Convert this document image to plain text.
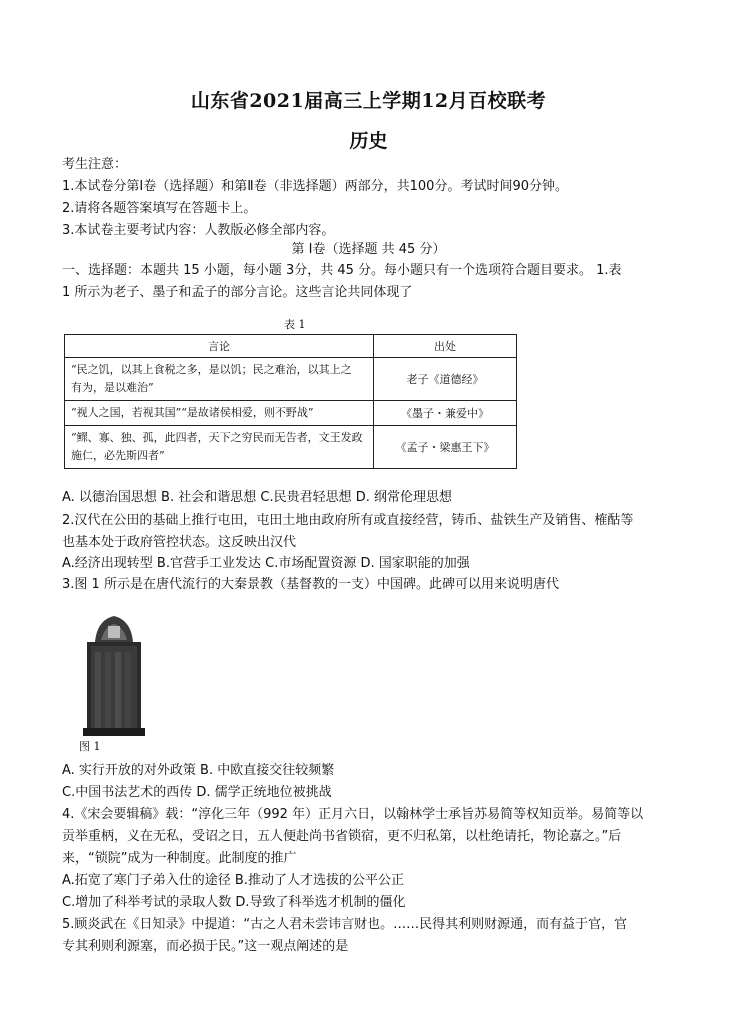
山东省2021届高三上学期12月百校联考
历史
考生注意：
1.本试卷分第Ⅰ卷（选择题）和第Ⅱ卷（非选择题）两部分，共100分。考试时间90分钟。
2.请将各题答案填写在答题卡上。
3.本试卷主要考试内容：人教版必修全部内容。
第 Ⅰ卷（选择题 共 45 分）
一、选择题：本题共 15 小题，每小题 3分，共 45 分。每小题只有一个选项符合题目要求。 1.表
1 所示为老子、墨子和孟子的部分言论。这些言论共同体现了
表 1
言论	出处

“民之饥，以其上食税之多，是以饥；民之难治，以其上之
有为，是以难治”	老子《道德经》

“视人之国，若视其国”“是故诸侯相爱，则不野战”	《墨子・兼爱中》

“鳏、寡、独、孤，此四者，天下之穷民而无告者，文王发政
施仁，必先斯四者”	《孟子・梁惠王下》
A. 以德治国思想 B. 社会和谐思想 C.民贵君轻思想 D. 纲常伦理思想
2.汉代在公田的基础上推行屯田，屯田土地由政府所有或直接经营，铸币、盐铁生产及销售、榷酤等
也基本处于政府管控状态。这反映出汉代
A.经济出现转型 B.官营手工业发达 C.市场配置资源 D. 国家职能的加强
3.图 1 所示是在唐代流行的大秦景教（基督教的一支）中国碑。此碑可以用来说明唐代
图 1
A. 实行开放的对外政策 B. 中欧直接交往较频繁
C.中国书法艺术的西传 D. 儒学正统地位被挑战
4.《宋会要辑稿》载：“淳化三年（992 年）正月六日，以翰林学士承旨苏易简等权知贡举。易简等以
贡举重柄，义在无私，受诏之日，五人便赴尚书省锁宿，更不归私第，以杜绝请托，物论嘉之。”后
来，“锁院”成为一种制度。此制度的推广
A.拓宽了寒门子弟入仕的途径 B.推动了人才选拔的公平公正
C.增加了科举考试的录取人数 D.导致了科举选才机制的僵化
5.顾炎武在《日知录》中提道：“古之人君未尝讳言财也。……民得其利则财源通，而有益于官，官
专其利则利源塞，而必损于民。”这一观点阐述的是
